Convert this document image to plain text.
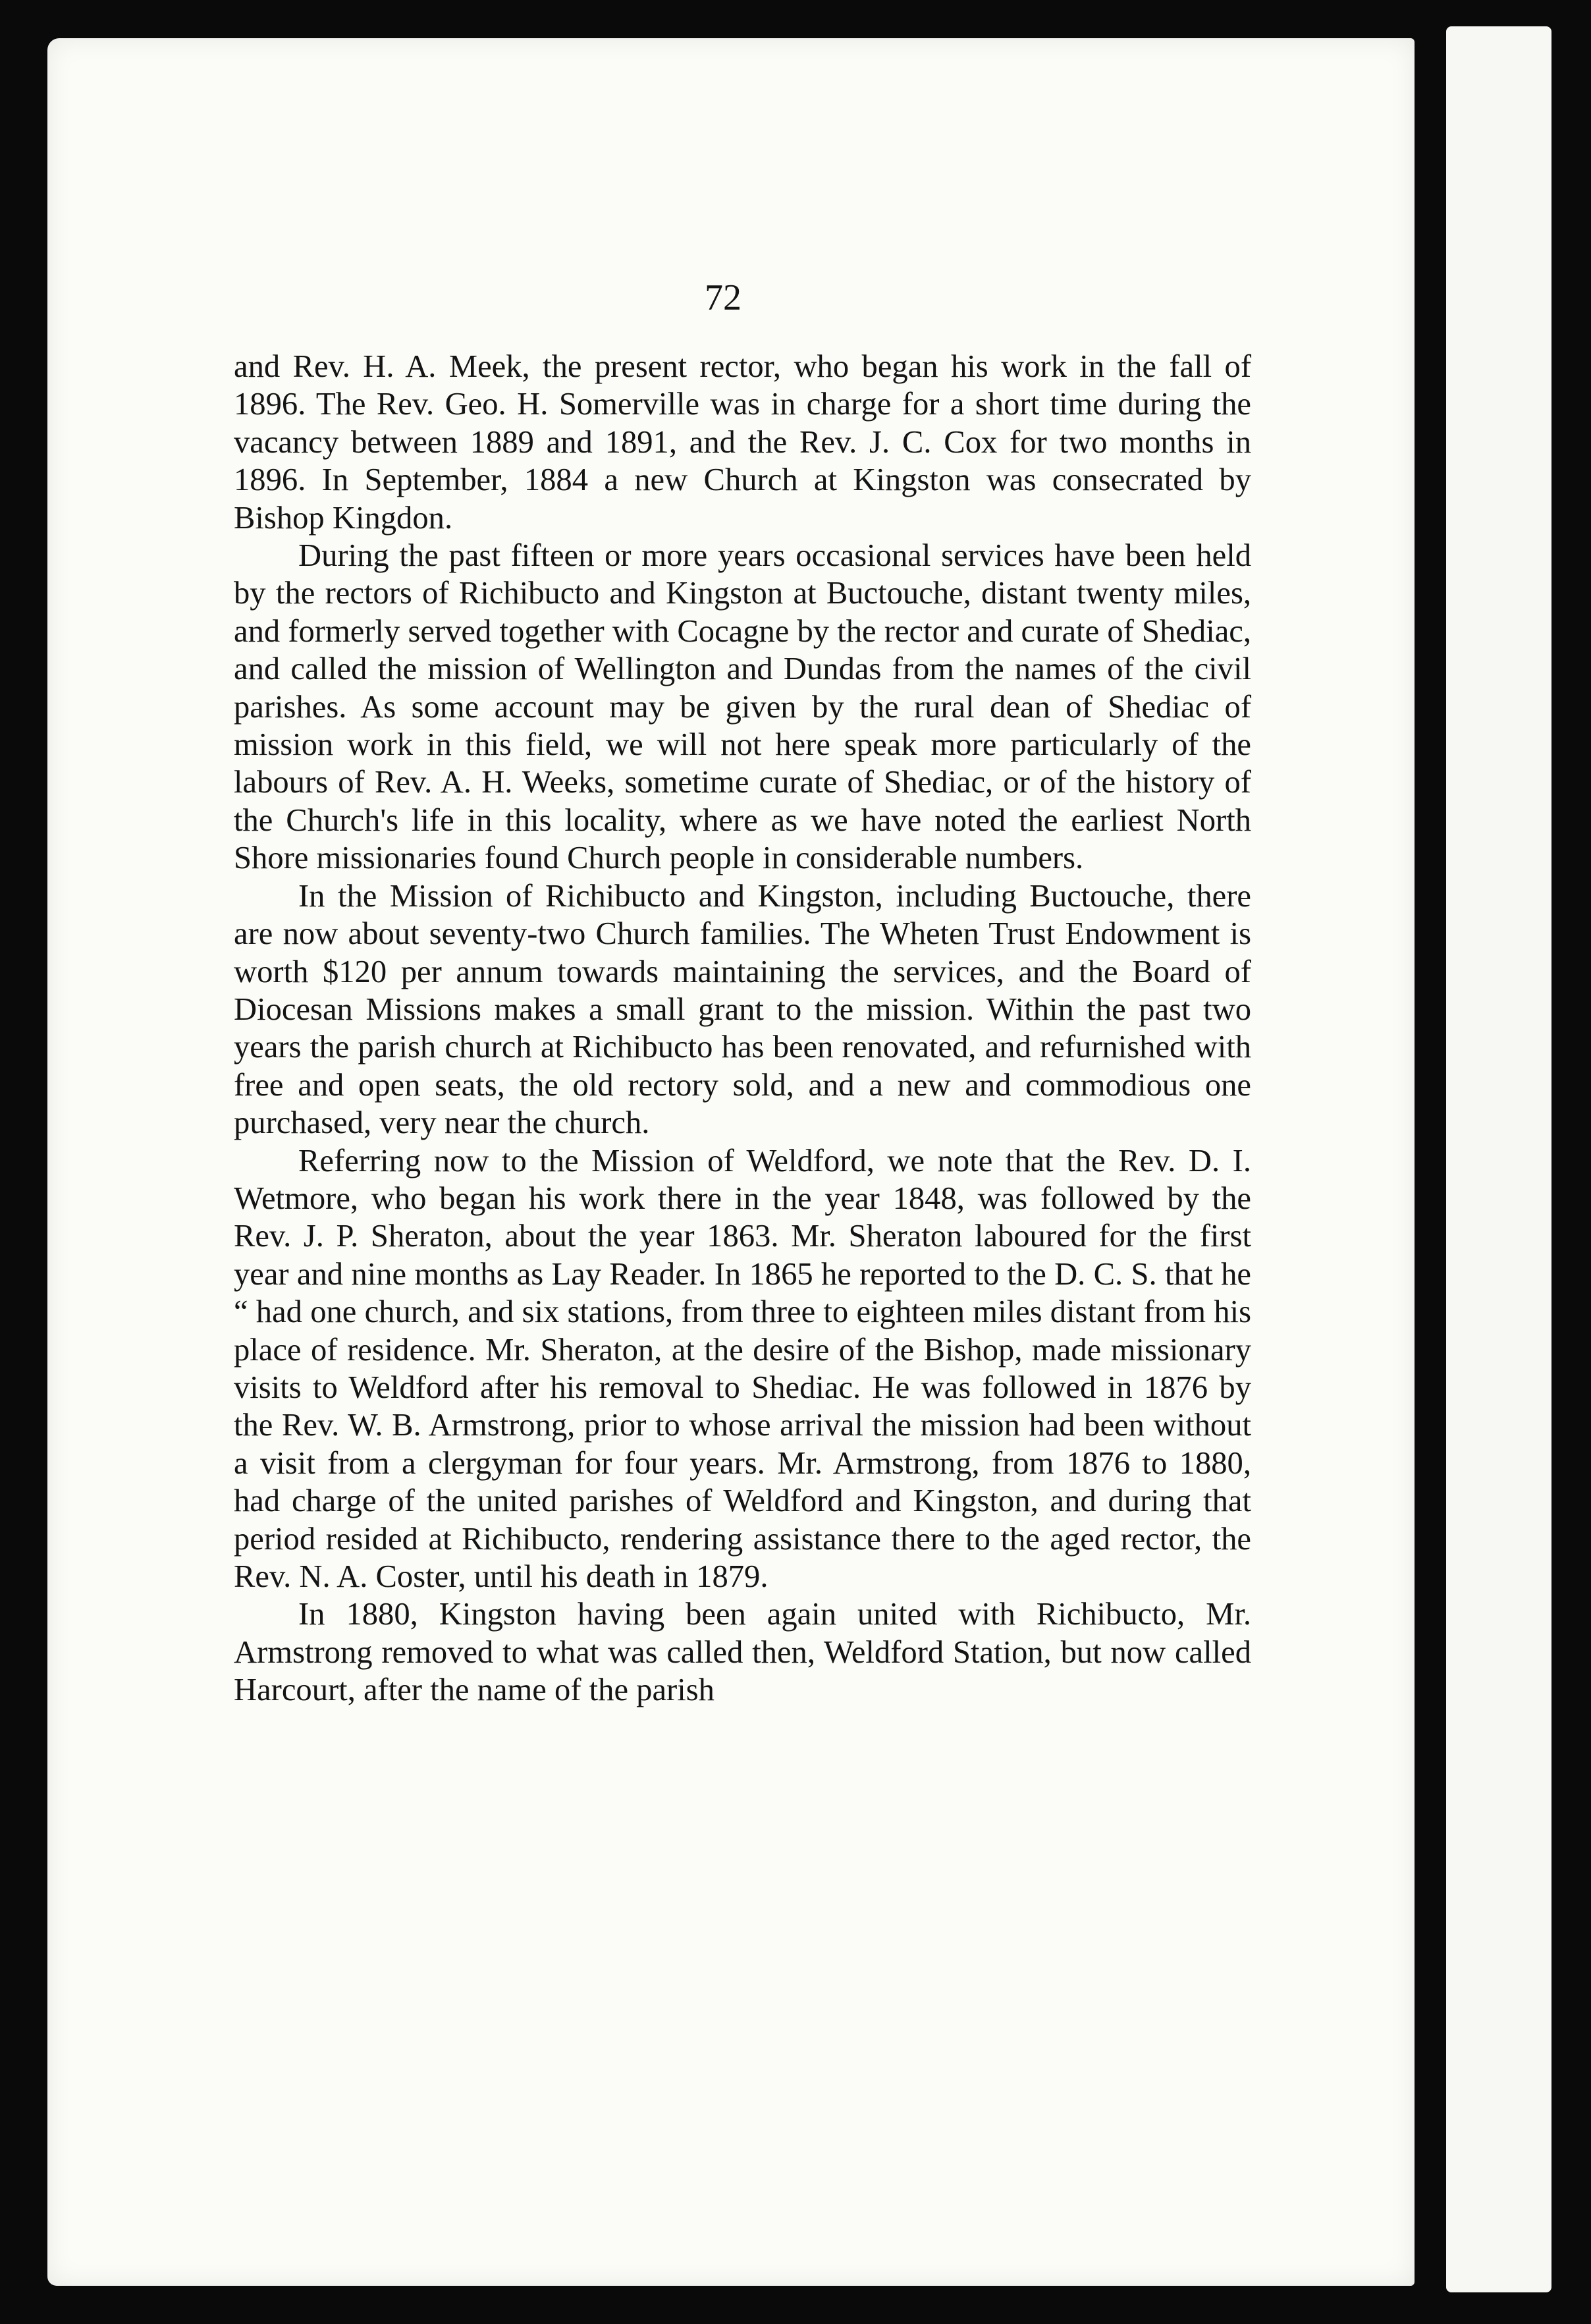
72

and Rev. H. A. Meek, the present rector, who began his work in the fall of 1896. The Rev. Geo. H. Somerville was in charge for a short time during the vacancy between 1889 and 1891, and the Rev. J. C. Cox for two months in 1896. In September, 1884 a new Church at Kingston was consecrated by Bishop Kingdon.

During the past fifteen or more years occasional services have been held by the rectors of Richibucto and Kingston at Buctouche, distant twenty miles, and formerly served together with Cocagne by the rector and curate of Shediac, and called the mission of Wellington and Dundas from the names of the civil parishes. As some account may be given by the rural dean of Shediac of mission work in this field, we will not here speak more particularly of the labours of Rev. A. H. Weeks, sometime curate of Shediac, or of the history of the Church's life in this locality, where as we have noted the earliest North Shore missionaries found Church people in considerable numbers.

In the Mission of Richibucto and Kingston, including Buctouche, there are now about seventy-two Church families. The Wheten Trust Endowment is worth $120 per annum towards maintaining the services, and the Board of Diocesan Missions makes a small grant to the mission. Within the past two years the parish church at Richibucto has been renovated, and refurnished with free and open seats, the old rectory sold, and a new and commodious one purchased, very near the church.

Referring now to the Mission of Weldford, we note that the Rev. D. I. Wetmore, who began his work there in the year 1848, was followed by the Rev. J. P. Sheraton, about the year 1863. Mr. Sheraton laboured for the first year and nine months as Lay Reader. In 1865 he reported to the D. C. S. that he “ had one church, and six stations, from three to eighteen miles distant from his place of residence. Mr. Sheraton, at the desire of the Bishop, made missionary visits to Weldford after his removal to Shediac. He was followed in 1876 by the Rev. W. B. Armstrong, prior to whose arrival the mission had been without a visit from a clergyman for four years. Mr. Armstrong, from 1876 to 1880, had charge of the united parishes of Weldford and Kingston, and during that period resided at Richibucto, rendering assistance there to the aged rector, the Rev. N. A. Coster, until his death in 1879.

In 1880, Kingston having been again united with Richibucto, Mr. Armstrong removed to what was called then, Weldford Station, but now called Harcourt, after the name of the parish
